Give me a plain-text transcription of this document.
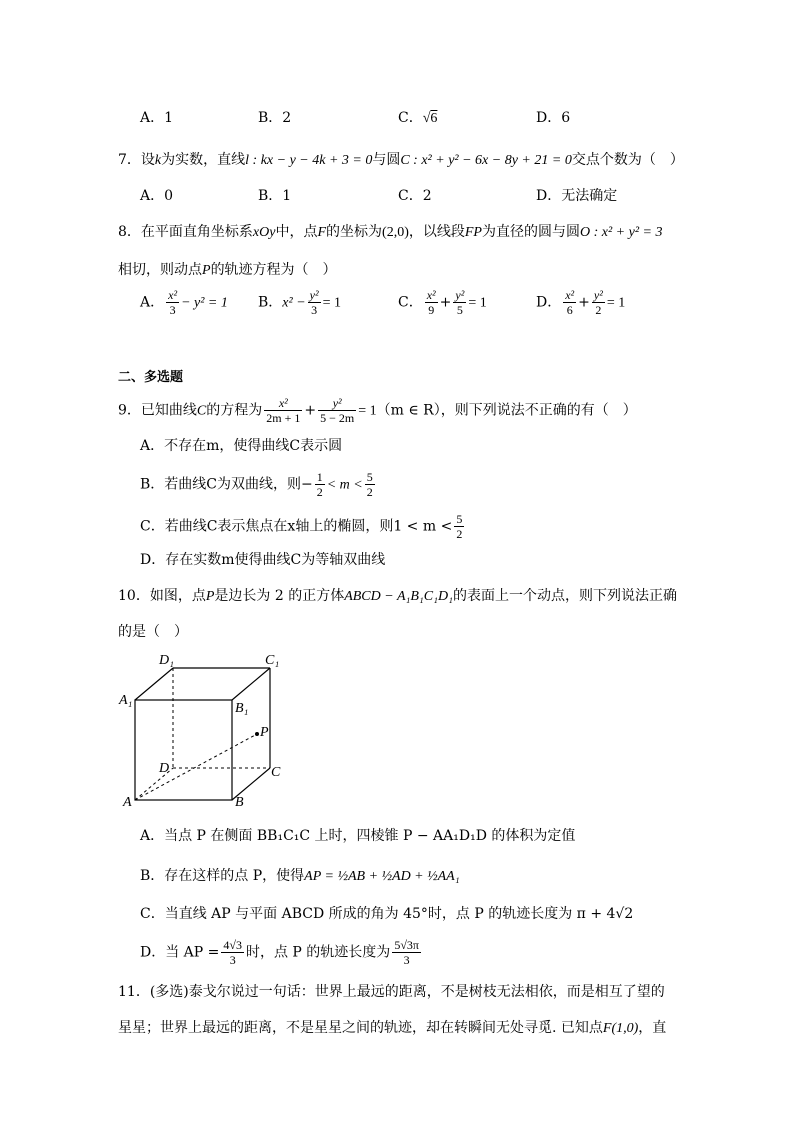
A．1	B．2	C．√6	D．6
7．设k为实数，直线l : kx − y − 4k + 3 = 0与圆C : x² + y² − 6x − 8y + 21 = 0交点个数为（　）
A．0	B．1	C．2	D．无法确定
8．在平面直角坐标系xOy中，点F的坐标为(2,0)，以线段FP为直径的圆与圆O : x² + y² = 3
相切，则动点P的轨迹方程为（　）
A． $\frac{\text{x²}}{3} - y^2 = 1$ B．$x^2 - \frac{\text{y²}}{3} = 1$	C． $\frac{\text{x²}}{9} + \frac{\text{y²}}{5} = 1$	D． $\frac{\text{x²}}{6} + \frac{\text{y²}}{2} = 1$
二、多选题
9．已知曲线C的方程为 $\frac{\text{x²}}{2m + 1} + \frac{\text{y²}}{5 - 2m} = 1(m$ ∈ R），则下列说法不正确的有（　）
A．不存在m，使得曲线C表示圆
B．若曲线C为双曲线，则− $\frac{1}{2} < m < \frac{5}{2}$
C．若曲线C表示焦点在x轴上的椭圆，则$1 < m < \frac{5}{2}$
D．存在实数m使得曲线C为等轴双曲线
10．如图，点P是边长为 2 的正方体ABCD − A₁B₁C₁D₁的表面上一个动点，则下列说法正确
的是（　）
D₁	C₁
A₁
B₁
P
D	C
A	B
A．当点 P 在侧面 BB₁C₁C 上时，四棱锥 P − AA₁D₁D 的体积为定值
B．存在这样的点 P，使得AP = ½AB + ½AD + ½AA₁
C．当直线 AP 与平面 ABCD 所成的角为 45°时，点 P 的轨迹长度为 π + 4√2
D．当 AP = $\frac{4√3}{3}$ 时，点 P 的轨迹长度为 $\frac{5√3\pi}{3}$
11．(多选)泰戈尔说过一句话：世界上最远的距离，不是树枝无法相依，而是相互了望的
星星；世界上最远的距离，不是星星之间的轨迹，却在转瞬间无处寻觅. 已知点F(1,0)，直
